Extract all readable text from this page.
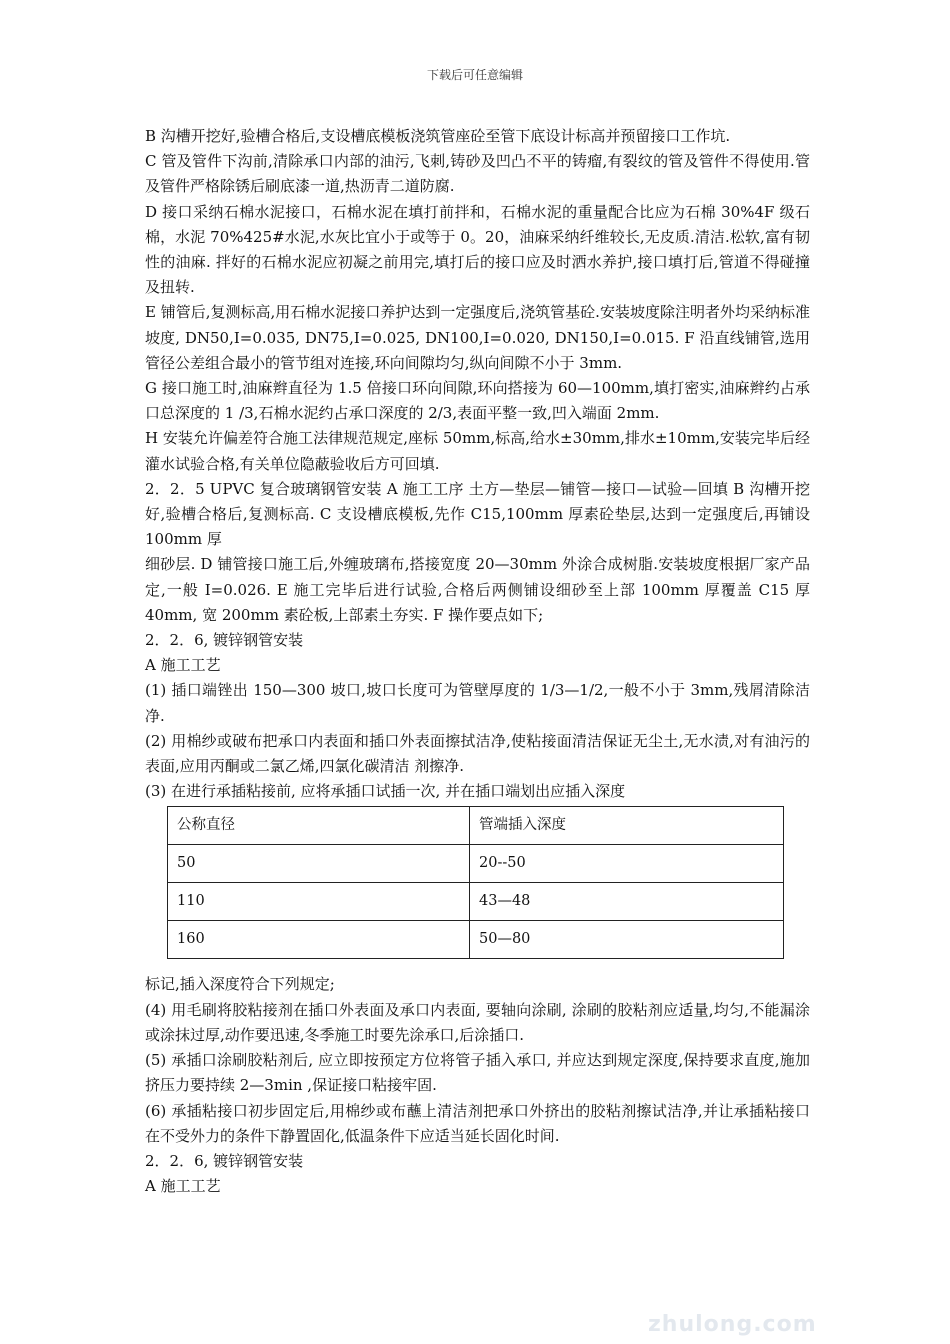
下载后可任意编辑

B 沟槽开挖好,验槽合格后,支设槽底模板浇筑管座砼至管下底设计标高并预留接口工作坑.

C 管及管件下沟前,清除承口内部的油污,飞刺,铸砂及凹凸不平的铸瘤,有裂纹的管及管件不得使用.管及管件严格除锈后刷底漆一道,热沥青二道防腐.

D 接口采纳石棉水泥接口，石棉水泥在填打前拌和，石棉水泥的重量配合比应为石棉 30%4F 级石棉，水泥 70%425#水泥,水灰比宜小于或等于 0。20，油麻采纳纤维较长,无皮质.清洁.松软,富有韧性的油麻. 拌好的石棉水泥应初凝之前用完,填打后的接口应及时洒水养护,接口填打后,管道不得碰撞及扭转.

E 铺管后,复测标高,用石棉水泥接口养护达到一定强度后,浇筑管基砼.安装坡度除注明者外均采纳标准坡度, DN50,I=0.035, DN75,I=0.025, DN100,I=0.020, DN150,I=0.015. F 沿直线铺管,选用管径公差组合最小的管节组对连接,环向间隙均匀,纵向间隙不小于 3mm.

G 接口施工时,油麻辫直径为 1.5 倍接口环向间隙,环向搭接为 60—100mm,填打密实,油麻辫约占承口总深度的 1 /3,石棉水泥约占承口深度的 2/3,表面平整一致,凹入端面 2mm.

H 安装允许偏差符合施工法律规范规定,座标 50mm,标高,给水±30mm,排水±10mm,安装完毕后经灌水试验合格,有关单位隐蔽验收后方可回填.

2．2．5 UPVC 复合玻璃钢管安装 A 施工工序 土方—垫层—铺管—接口—试验—回填 B 沟槽开挖好,验槽合格后,复测标高. C 支设槽底模板,先作 C15,100mm 厚素砼垫层,达到一定强度后,再铺设 100mm 厚

细砂层. D 铺管接口施工后,外缠玻璃布,搭接宽度 20—30mm 外涂合成树脂.安装坡度根据厂家产品定,一般 I=0.026. E 施工完毕后进行试验,合格后两侧铺设细砂至上部 100mm 厚覆盖 C15 厚 40mm, 宽 200mm 素砼板,上部素土夯实. F 操作要点如下;

2．2．6, 镀锌钢管安装

A 施工工艺

(1) 插口端锉出 150—300 坡口,坡口长度可为管壁厚度的 1/3—1/2,一般不小于 3mm,残屑清除洁净.

(2) 用棉纱或破布把承口内表面和插口外表面擦拭洁净,使粘接面清洁保证无尘土,无水渍,对有油污的表面,应用丙酮或二氯乙烯,四氯化碳清洁 剂擦净.

(3) 在进行承插粘接前, 应将承插口试插一次, 并在插口端划出应插入深度

公称直径	管端插入深度
50	20--50
110	43—48
160	50—80

标记,插入深度符合下列规定;

(4) 用毛刷将胶粘接剂在插口外表面及承口内表面, 要轴向涂刷, 涂刷的胶粘剂应适量,均匀,不能漏涂或涂抹过厚,动作要迅速,冬季施工时要先涂承口,后涂插口.

(5) 承插口涂刷胶粘剂后, 应立即按预定方位将管子插入承口, 并应达到规定深度,保持要求直度,施加挤压力要持续 2—3min ,保证接口粘接牢固.

(6) 承插粘接口初步固定后,用棉纱或布蘸上清洁剂把承口外挤出的胶粘剂擦试洁净,并让承插粘接口在不受外力的条件下静置固化,低温条件下应适当延长固化时间.

2．2．6, 镀锌钢管安装

A 施工工艺

zhulong.com
